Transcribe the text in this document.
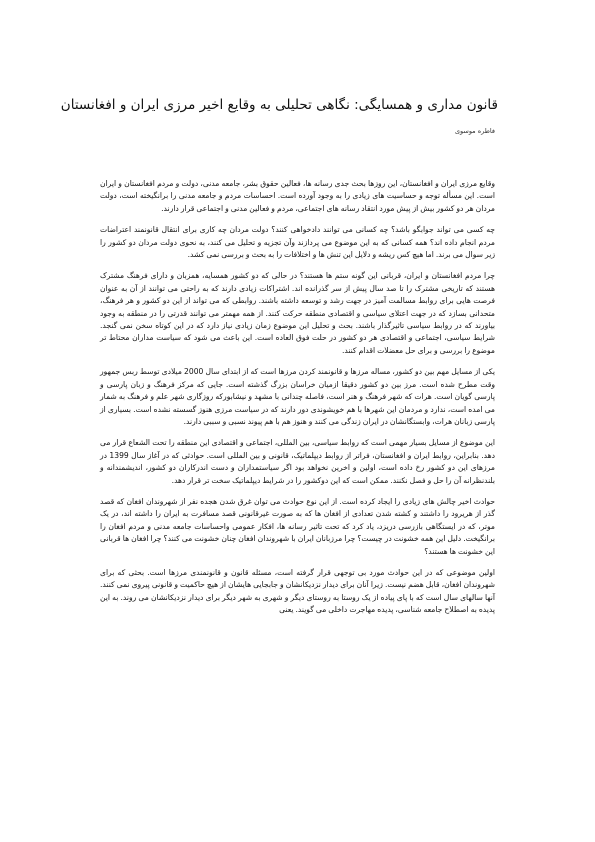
قانون مداری و همسایگی: نگاهی تحلیلی به وقایع اخیر مرزی ایران و افغانستان
فاطره موسوی

وقایع مرزی ایران و افغانستان، این روزها بحث جدی رسانه ها، فعالین حقوق بشر، جامعه مدنی، دولت و مردم افغانستان و ایران است. این مسأله توجه و حساسیت های زیادی را به وجود آورده است. احساسات مردم و جامعه مدنی را برانگیخته است، دولت مردان هر دو کشور بیش از پیش مورد انتقاد رسانه های اجتماعی، مردم و فعالین مدنی و اجتماعی قرار دارند.

چه کسی می تواند جوابگو باشد؟ چه کسانی می توانند دادخواهی کنند؟ دولت مردان چه کاری برای انتقال قانونمند اعتراضات مردم انجام داده اند؟ همه کسانی که به این موضوع می پردازند وآن تجزیه و تحلیل می کنند، به نحوی دولت مردان دو کشور را زیر سوال می برند. اما هیچ کس ریشه و دلایل این تنش ها و اختلافات را به بحث و بررسی نمی کشد.

چرا مردم افغانستان و ایران، قربانی این گونه ستم ها هستند؟ در حالی که دو کشور همسایه، همزبان و دارای فرهنگ مشترک هستند که تاریخی مشترک را تا صد سال پیش از سر گذرانده اند. اشتراکات زیادی دارند که به راحتی می توانند از آن به عنوان فرصت هایی برای روابط مسالمت آمیز در جهت رشد و توسعه داشته باشند. روابطی که می تواند از این دو کشور و هر فرهنگ، متحدانی بسازد که در جهت اعتلای سیاسی و اقتصادی منطقه حرکت کنند. از همه مهمتر می توانند قدرتی را در منطقه به وجود بیاورند که در روابط سیاسی تاثیرگذار باشند. بحث و تحلیل این موضوع زمان زیادی نیاز دارد که در این کوتاه سخن نمی گنجد. شرایط سیاسی، اجتماعی و اقتصادی هر دو کشور در حلت فوق العاده است. این باعث می شود که سیاست مداران محتاط تر موضوع را بررسی و برای حل معضلات اقدام کنند.

یکی از مسایل مهم بین دو کشور، مساله مرزها و قانونمند کردن مرزها است که از ابتدای سال 2000 میلادی توسط ربس جمهور وقت مطرح شده است. مرز بین دو کشور دقیقا ازمیان خراسان بزرگ گذشته است. جایی که مرکز فرهنگ و زبان پارسی و پارسی گویان است. هرات که شهر فرهنگ و هنر است، فاصله چندانی با مشهد و نیشابورکه روزگاری شهر علم و فرهنگ به شمار می امده است، ندارد و مردمان این شهرها با هم خویشوندی دور دارند که در سیاست مرزی هنوز گسسته نشده است. بسیاری از پارسی زبانان هرات، وابستگانشان در ایران زندگی می کنند و هنوز هم با هم پیوند نسبی و سببی دارند.

این موضوع از مسایل بسیار مهمی است که روابط سیاسی، بین المللی، اجتماعی و اقتصادی این منطقه را تحت الشعاع قرار می دهد. بنابراین، روابط ایران و افغانستان، فراتر از روابط دیپلماتیک، قانونی و بین المللی است. حوادثی که در آغاز سال 1399 در مرزهای این دو کشور رخ داده است، اولین و اخرین نخواهد بود اگر سیاستمداران و دست اندرکاران دو کشور، اندیشمندانه و بلندنظرانه آن را حل و فصل نکنند. ممکن است که این دوکشور را در شرایط دیپلماتیک سخت تر قرار دهد.

حوادث اخیر چالش های زیادی را ایجاد کرده است. از این نوع حوادث می توان غرق شدن هجده نفر از شهروندان افغان که قصد گذر از هریرود را داشتند و کشته شدن تعدادی از افغان ها که به صورت غیرقانونی قصد مسافرت به ایران را داشته اند، در یک موتر، که در ایستگاهی بازرسی دریزد، یاد کرد که تحت تاثیر رسانه ها، افکار عمومی واحساسات جامعه مدنی و مردم افغان را برانگیخت. دلیل این همه خشونت در چیست؟ چرا مرزبانان ایران با شهروندان افغان چنان خشونت می کنند؟ چرا افغان ها قربانی این خشونت ها هستند؟

اولین موضوعی که در این حوادث مورد بی توجهی قرار گرفته است، مسئله قانون و قانونمندی مرزها است. بحثی که برای شهروندان افغان، قابل هضم نیست. زیرا آنان برای دیدار نزدیکانشان و جابجایی هایشان از هیچ حاکمیت و قانونی پیروی نمی کنند. آنها سالهای سال است که با پای پیاده از یک روستا به روستای دیگر و شهری به شهر دیگر برای دیدار نزدیکانشان می روند. به این پدیده به اصطلاح جامعه شناسی، پدیده مهاجرت داخلی می گویند. یعنی
